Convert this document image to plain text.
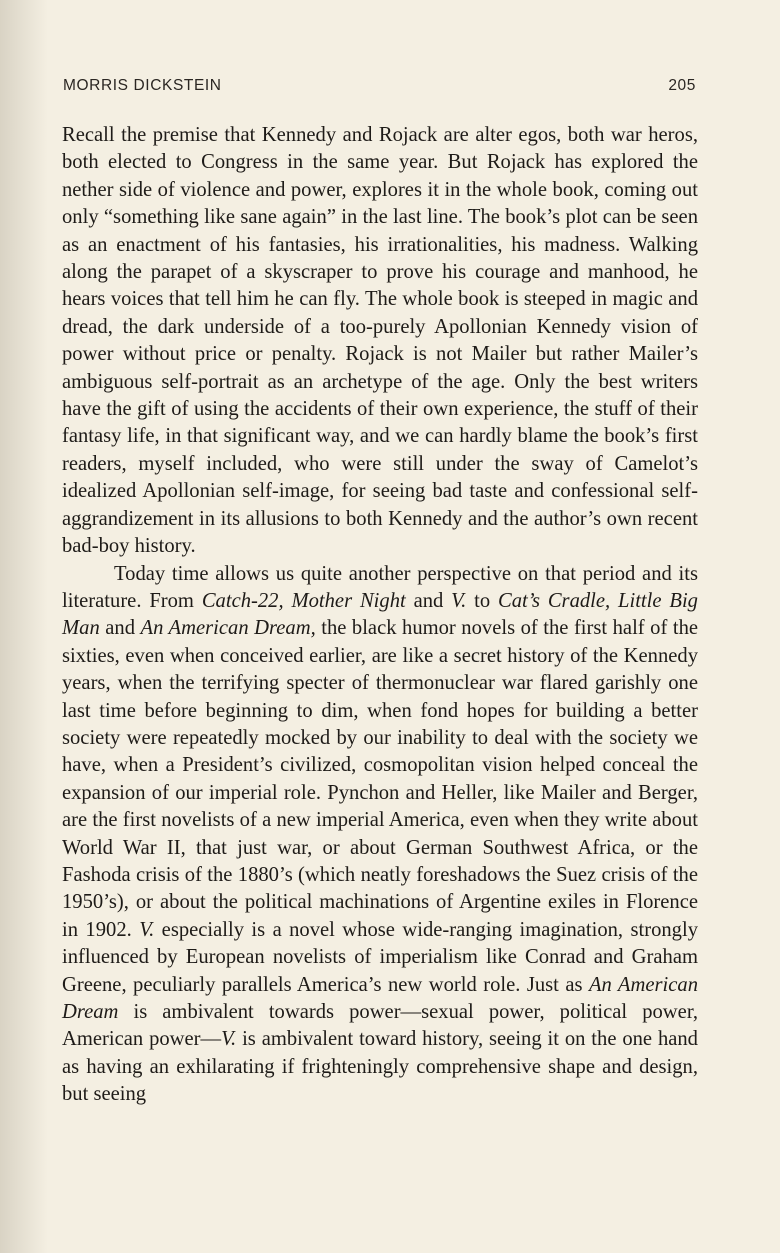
MORRIS DICKSTEIN	205

Recall the premise that Kennedy and Rojack are alter egos, both war heros, both elected to Congress in the same year. But Rojack has explored the nether side of violence and power, explores it in the whole book, coming out only “something like sane again” in the last line. The book’s plot can be seen as an enactment of his fantasies, his irrationalities, his madness. Walking along the parapet of a skyscraper to prove his courage and manhood, he hears voices that tell him he can fly. The whole book is steeped in magic and dread, the dark underside of a too-purely Apollonian Kennedy vision of power without price or penalty. Rojack is not Mailer but rather Mailer’s ambiguous self-portrait as an archetype of the age. Only the best writers have the gift of using the accidents of their own experience, the stuff of their fantasy life, in that significant way, and we can hardly blame the book’s first readers, myself included, who were still under the sway of Camelot’s idealized Apollonian self-image, for seeing bad taste and confessional self-aggrandizement in its allusions to both Kennedy and the author’s own recent bad-boy history.

Today time allows us quite another perspective on that period and its literature. From Catch-22, Mother Night and V. to Cat’s Cradle, Little Big Man and An American Dream, the black humor novels of the first half of the sixties, even when conceived earlier, are like a secret history of the Kennedy years, when the terrifying specter of thermonuclear war flared garishly one last time before beginning to dim, when fond hopes for building a better society were repeatedly mocked by our inability to deal with the society we have, when a President’s civilized, cosmopolitan vision helped conceal the expansion of our imperial role. Pynchon and Heller, like Mailer and Berger, are the first novelists of a new imperial America, even when they write about World War II, that just war, or about German Southwest Africa, or the Fashoda crisis of the 1880’s (which neatly foreshadows the Suez crisis of the 1950’s), or about the political machinations of Argentine exiles in Florence in 1902. V. especially is a novel whose wide-ranging imagination, strongly influenced by European novelists of imperialism like Conrad and Graham Greene, peculiarly parallels America’s new world role. Just as An American Dream is ambivalent towards power—sexual power, political power, American power—V. is ambivalent toward history, seeing it on the one hand as having an exhilarating if frighteningly comprehensive shape and design, but seeing
